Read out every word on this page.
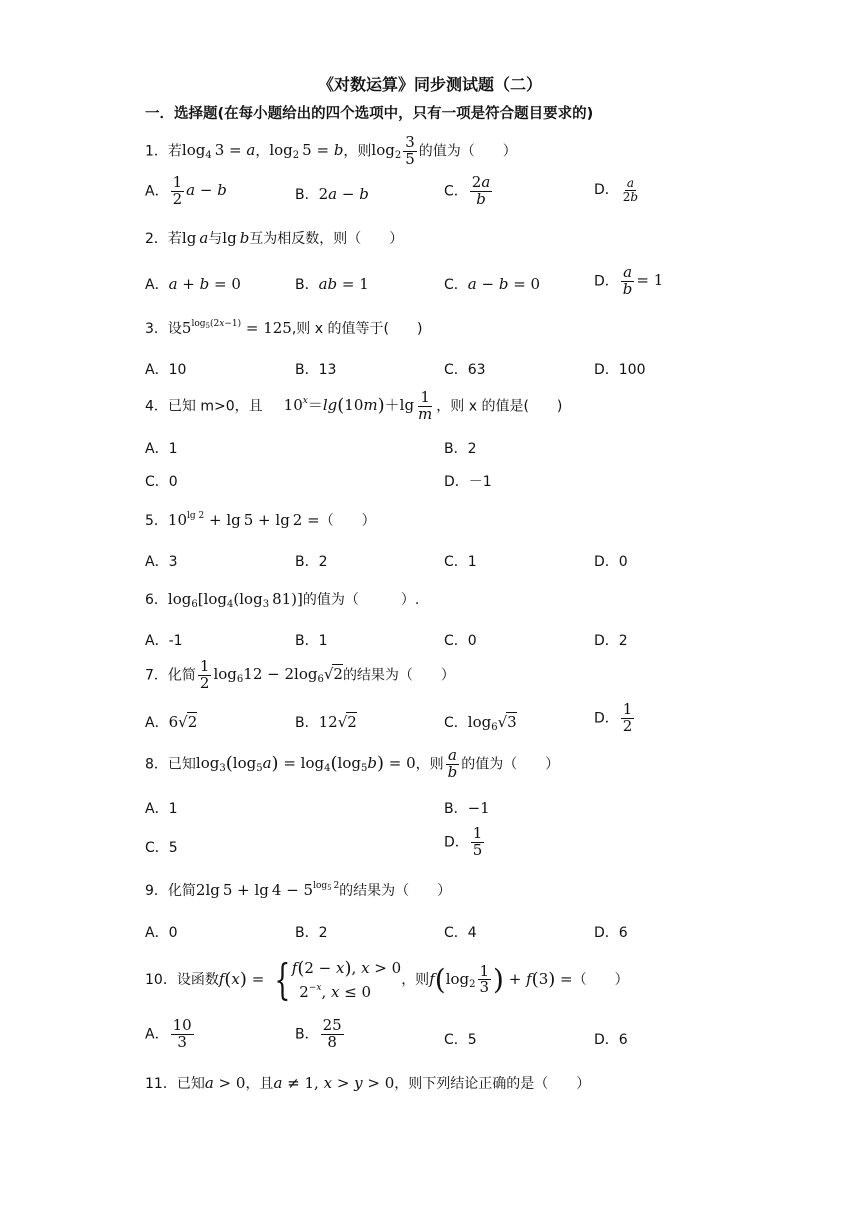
《对数运算》同步测试题（二）
一．选择题(在每小题给出的四个选项中，只有一项是符合题目要求的)
1．若$\log_4 3 = a$，$\log_2 5 = b$，则$\log_2 \frac{3}{5}$ 的值为（　　）
A． $\frac{1}{2}$ a − b	B．2a − b	C． $\frac{2a}{b}$	D． $\frac{a}{2b}$
2．若lg a与lg b互为相反数，则（　　）
A．a + b = 0	B．ab = 1	C．a − b = 0	D． $\frac{a}{b} = 1$
3．设$5^{log_5(2x-1)} = 125$,则 x 的值等于(　　)
A．10	B．13	C．63	D．100
4．已知 m>0，且   $10^x=\lg(10m)+\lg \frac{1}{m}$ ，则 x 的值是(　　)
A．1	B．2
C．0	D．－1
5．$10^{lg 2} + \lg 5 + \lg 2$ =（　　）
A．3	B．2	C．1	D．0
6．$\log_6[\log_4(\log_3$ 81)]的值为（　　　）.
A．-1	B．1	C．0	D．2
7．化简 $\frac{1}{2} \log_612 - 2\log_6√2$的结果为（　　）
A．6√2	B．12√2	C．$\log_6√3$	D． $\frac{1}{2}$
8．已知$\log_3(\log_5a) = \log_4(\log_5b) = 0$，则 $\frac{a}{b}$ 的值为（　　）
A．1	B．−1
C．5	D． $\frac{1}{5}$
9．化简2lg $5 + \lg 4 - 5^{log_5 2}$的结果为（　　）
A．0	B．2	C．4	D．6
10．设函数f(x) = { f(2 − x), x > 0
 $2^{-x}$, x ≤ 0
，则$f(\log_2 \frac{1}{3}$ ) + f(3) =（　　）
A． $\frac{10}{3}$	B． $\frac{25}{8}$	C．5	D．6
11．已知a > 0，且a ≠ 1, x > y > 0，则下列结论正确的是（　　）
